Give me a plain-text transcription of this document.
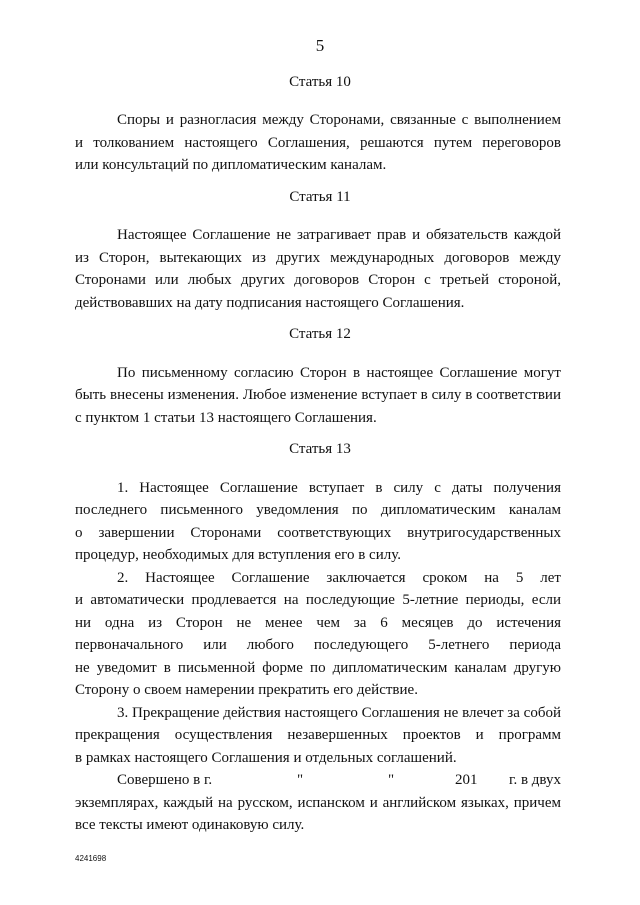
5
Статья 10
Споры и разногласия между Сторонами, связанные с выполнением
и толкованием настоящего Соглашения, решаются путем переговоров
или консультаций по дипломатическим каналам.
Статья 11
Настоящее Соглашение не затрагивает прав и обязательств каждой
из Сторон, вытекающих из других международных договоров между
Сторонами или любых других договоров Сторон с третьей стороной,
действовавших на дату подписания настоящего Соглашения.
Статья 12
По письменному согласию Сторон в настоящее Соглашение могут
быть внесены изменения. Любое изменение вступает в силу в соответствии
с пунктом 1 статьи 13 настоящего Соглашения.
Статья 13
1. Настоящее Соглашение вступает в силу с даты получения
последнего письменного уведомления по дипломатическим каналам
о завершении Сторонами соответствующих внутригосударственных
процедур, необходимых для вступления его в силу.
2. Настоящее Соглашение заключается сроком на 5 лет
и автоматически продлевается на последующие 5-летние периоды, если
ни одна из Сторон не менее чем за 6 месяцев до истечения
первоначального или любого последующего 5-летнего периода
не уведомит в письменной форме по дипломатическим каналам другую
Сторону о своем намерении прекратить его действие.
3. Прекращение действия настоящего Соглашения не влечет за собой
прекращения осуществления незавершенных проектов и программ
в рамках настоящего Соглашения и отдельных соглашений.
Совершено в г.	"	"	201	г. в двух
экземплярах, каждый на русском, испанском и английском языках, причем
все тексты имеют одинаковую силу.
4241698
